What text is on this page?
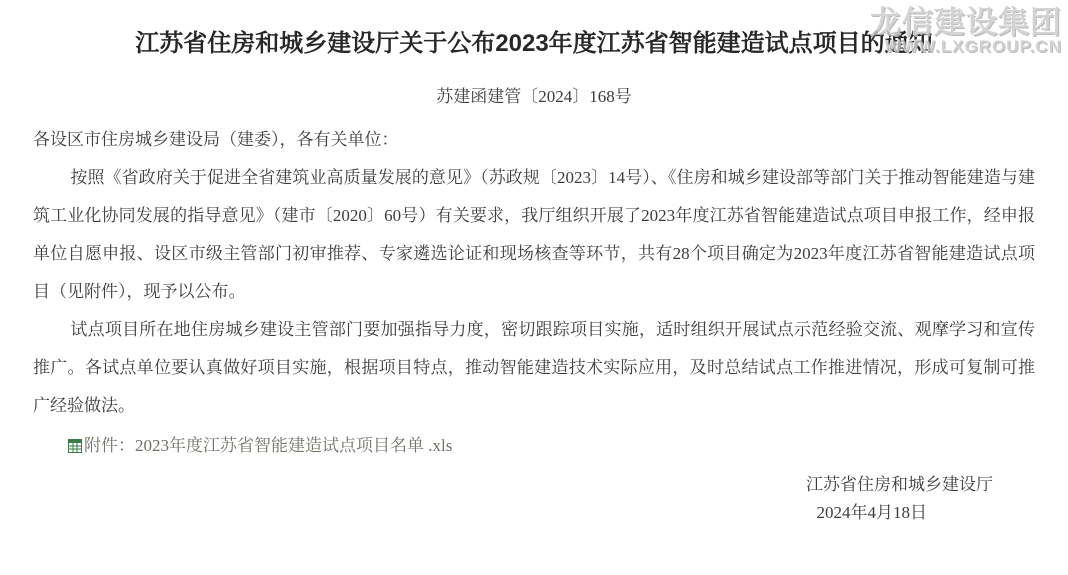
龙信建设集团
WWW.LXGROUP.CN
江苏省住房和城乡建设厅关于公布2023年度江苏省智能建造试点项目的通知
苏建函建管〔2024〕168号

各设区市住房城乡建设局（建委），各有关单位：

按照《省政府关于促进全省建筑业高质量发展的意见》（苏政规〔2023〕14号）、《住房和城乡建设部等部门关于推动智能建造与建筑工业化协同发展的指导意见》（建市〔2020〕60号）有关要求，我厅组织开展了2023年度江苏省智能建造试点项目申报工作，经申报单位自愿申报、设区市级主管部门初审推荐、专家遴选论证和现场核查等环节，共有28个项目确定为2023年度江苏省智能建造试点项目（见附件），现予以公布。

试点项目所在地住房城乡建设主管部门要加强指导力度，密切跟踪项目实施，适时组织开展试点示范经验交流、观摩学习和宣传推广。各试点单位要认真做好项目实施，根据项目特点，推动智能建造技术实际应用，及时总结试点工作推进情况，形成可复制可推广经验做法。

附件：2023年度江苏省智能建造试点项目名单 .xls
江苏省住房和城乡建设厅
2024年4月18日
